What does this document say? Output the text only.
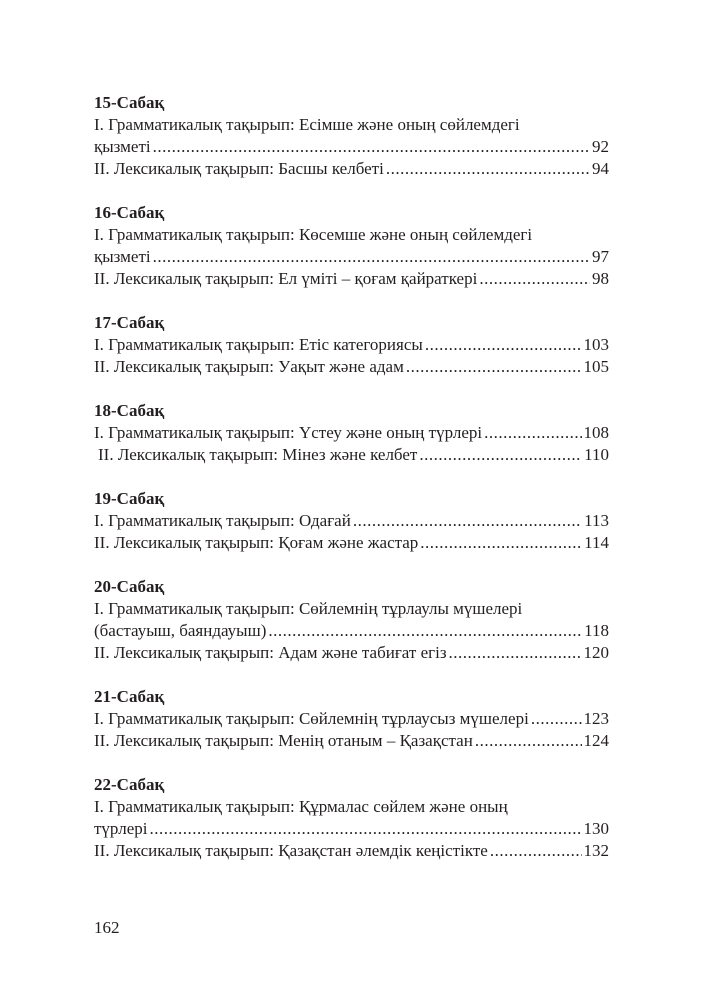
15-Сабақ
І. Грамматикалық тақырып: Есімше және оның сөйлемдегі
қызметі .....	92
ІІ. Лексикалық тақырып: Басшы келбеті .....	94
16-Сабақ
І. Грамматикалық тақырып: Көсемше және оның сөйлемдегі
қызметі .....	97
ІІ. Лексикалық тақырып: Ел үміті – қоғам қайраткері .....	98
17-Сабақ
І. Грамматикалық тақырып: Етіс категориясы .....	103
ІІ. Лексикалық тақырып: Уақыт және адам .....	105
18-Сабақ
І. Грамматикалық тақырып: Үстеу және оның түрлері .....	108
ІІ. Лексикалық тақырып: Мінез және келбет .....	110
19-Сабақ
І. Грамматикалық тақырып: Одағай .....	113
ІІ. Лексикалық тақырып: Қоғам және жастар .....	114
20-Сабақ
І. Грамматикалық тақырып: Сөйлемнің тұрлаулы мүшелері
(бастауыш, баяндауыш) .....	118
ІІ. Лексикалық тақырып: Адам және табиғат егіз .....	120
21-Сабақ
І. Грамматикалық тақырып: Сөйлемнің тұрлаусыз мүшелері .....	123
ІІ. Лексикалық тақырып: Менің отаным – Қазақстан .....	124
22-Сабақ
І. Грамматикалық тақырып: Құрмалас сөйлем және оның
түрлері .....	130
ІІ. Лексикалық тақырып: Қазақстан әлемдік кеңістікте .....	132
162
